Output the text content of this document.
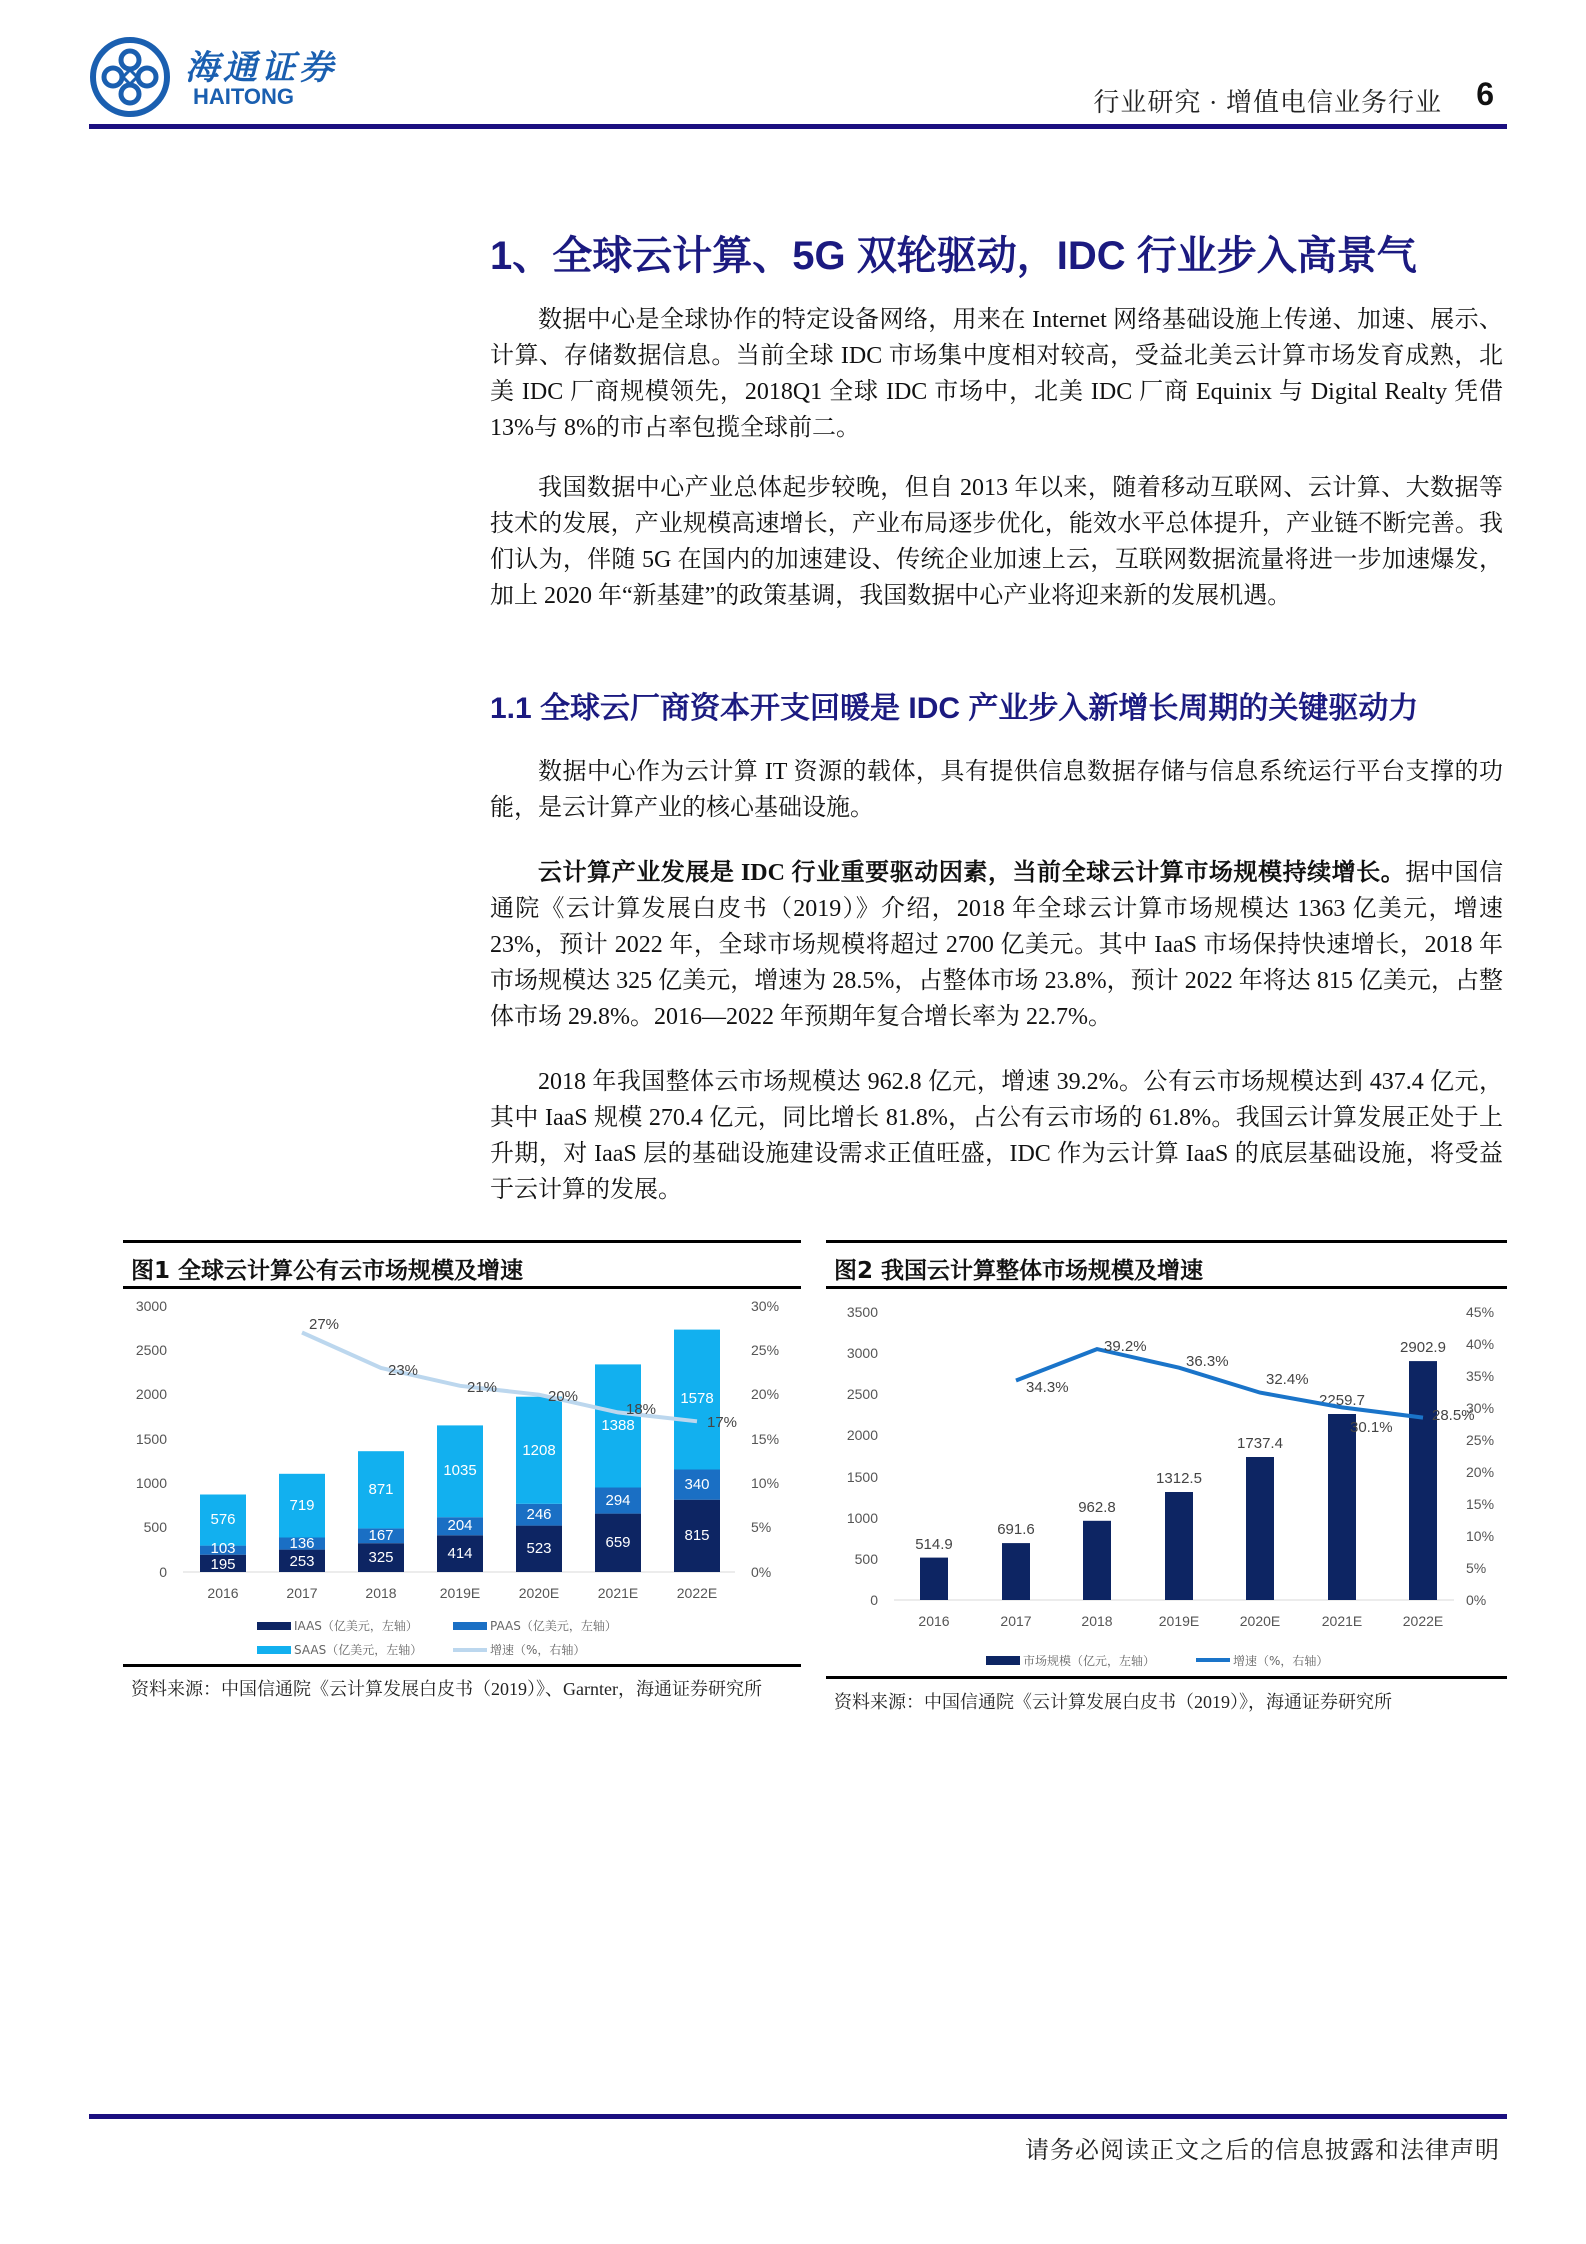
海通证券
HAITONG	行业研究 · 增值电信业务行业 6
1、全球云计算、5G 双轮驱动，IDC 行业步入高景气
数据中心是全球协作的特定设备网络，用来在 Internet 网络基础设施上传递、加速、展示、计算、存储数据信息。当前全球 IDC 市场集中度相对较高，受益北美云计算市场发育成熟，北美 IDC 厂商规模领先，2018Q1 全球 IDC 市场中，北美 IDC 厂商 Equinix 与 Digital Realty 凭借 13%与 8%的市占率包揽全球前二。
我国数据中心产业总体起步较晚，但自 2013 年以来，随着移动互联网、云计算、大数据等技术的发展，产业规模高速增长，产业布局逐步优化，能效水平总体提升，产业链不断完善。我们认为，伴随 5G 在国内的加速建设、传统企业加速上云，互联网数据流量将进一步加速爆发，加上 2020 年“新基建”的政策基调，我国数据中心产业将迎来新的发展机遇。
1.1 全球云厂商资本开支回暖是 IDC 产业步入新增长周期的关键驱动力
数据中心作为云计算 IT 资源的载体，具有提供信息数据存储与信息系统运行平台支撑的功能，是云计算产业的核心基础设施。
云计算产业发展是 IDC 行业重要驱动因素，当前全球云计算市场规模持续增长。据中国信通院《云计算发展白皮书（2019）》介绍，2018 年全球云计算市场规模达 1363 亿美元，增速 23%，预计 2022 年，全球市场规模将超过 2700 亿美元。其中 IaaS 市场保持快速增长，2018 年市场规模达 325 亿美元，增速为 28.5%，占整体市场 23.8%，预计 2022 年将达 815 亿美元，占整体市场 29.8%。2016—2022 年预期年复合增长率为 22.7%。
2018 年我国整体云市场规模达 962.8 亿元，增速 39.2%。公有云市场规模达到 437.4 亿元，其中 IaaS 规模 270.4 亿元，同比增长 81.8%，占公有云市场的 61.8%。我国云计算发展正处于上升期，对 IaaS 层的基础设施建设需求正值旺盛，IDC 作为云计算 IaaS 的底层基础设施，将受益于云计算的发展。
图1 全球云计算公有云市场规模及增速
0
500
1000
1500
2000
2500
3000
0%
5%
10%
15%
20%
25%
30%
195
103
576
253
136
719
325
167
871
414
204
1035
523
246
1208
659
294
1388
815
340
1578
27%
23%
21%
20%
18%
17%
2016	2017	2018	2019E	2020E	2021E	2022E
IAAS（亿美元，左轴）	PAAS（亿美元，左轴）
SAAS（亿美元，左轴）	增速（%，右轴）
资料来源：中国信通院《云计算发展白皮书（2019）》、Garnter，海通证券研究所
图2 我国云计算整体市场规模及增速
0
500
1000
1500
2000
2500
3000
3500
0%
5%
10%
15%
20%
25%
30%
35%
40%
45%
514.9
691.6
962.8
1312.5
1737.4
2259.7
2902.9
34.3%
39.2%
36.3%
32.4%
30.1%
28.5%
2016	2017	2018	2019E	2020E	2021E	2022E
市场规模（亿元，左轴）	增速（%，右轴）
资料来源：中国信通院《云计算发展白皮书（2019）》，海通证券研究所
请务必阅读正文之后的信息披露和法律声明
